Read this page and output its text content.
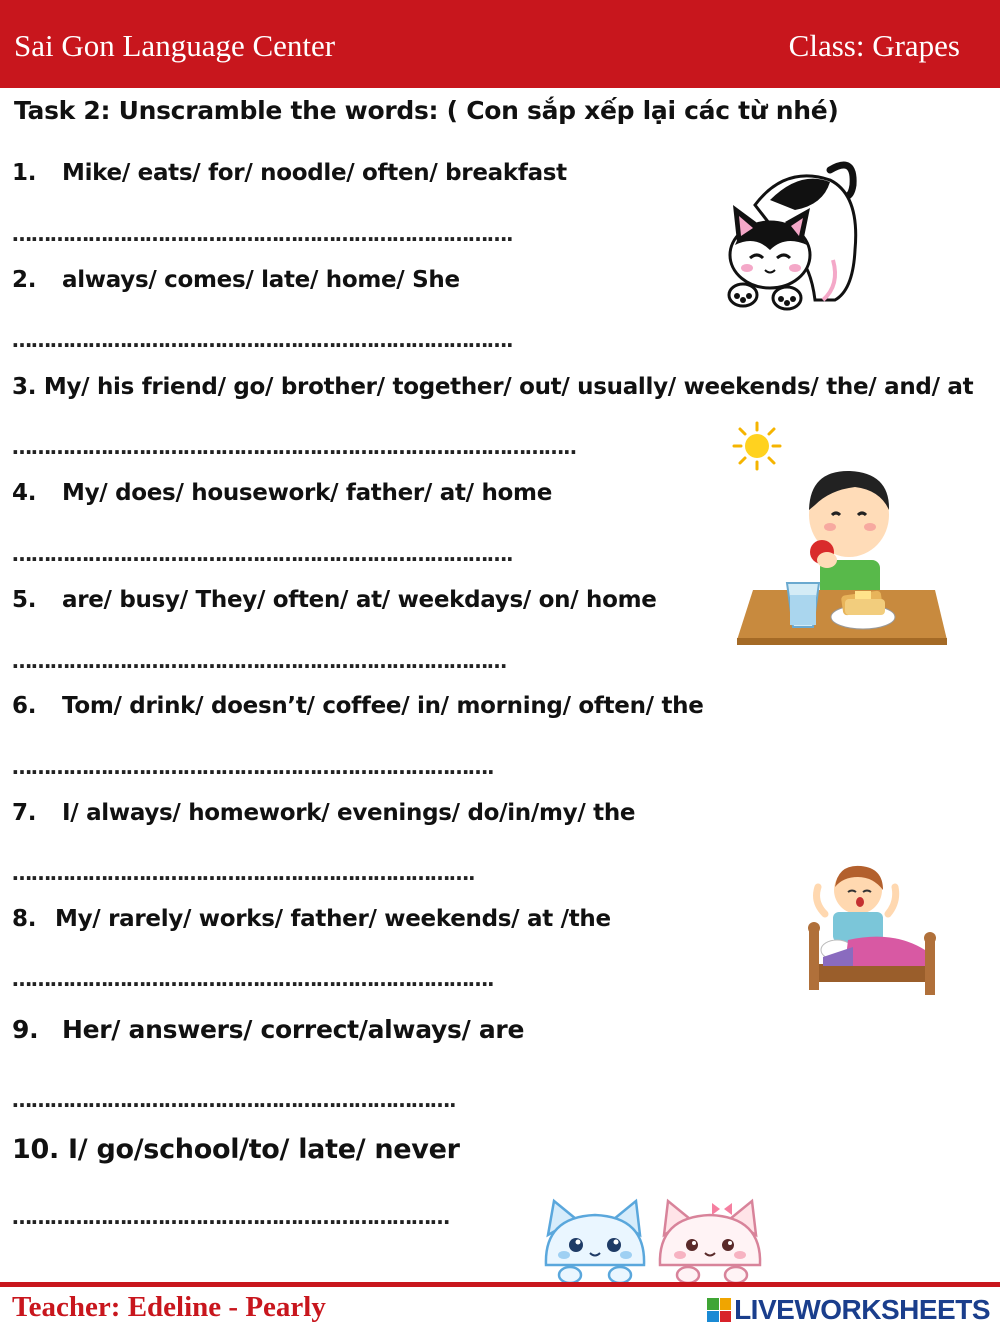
Sai Gon Language Center	Class: Grapes
Task 2: Unscramble the words: ( Con sắp xếp lại các từ nhé)
1. Mike/ eats/ for/ noodle/ often/ breakfast
…………………………………………………………………….
2. always/ comes/ late/ home/ She
…………………………………………………………………….
3. My/ his friend/ go/ brother/ together/ out/ usually/ weekends/ the/ and/ at
……………………………………………………………………………..
4. My/ does/ housework/ father/ at/ home
…………………………………………………………………….
5. are/ busy/ They/ often/ at/ weekdays/ on/ home
……………………………………………………………………
6. Tom/ drink/ doesn’t/ coffee/ in/ morning/ often/ the
………………………………………………………………….
7. I/ always/ homework/ evenings/ do/in/my/ the
……………………………………………………………….
8. My/ rarely/ works/ father/ weekends/ at /the
………………………………………………………………….
9. Her/ answers/ correct/always/ are
…………………………………………………………….
10. I/ go/school/to/ late/ never
……………………………………………………………
Teacher: Edeline - Pearly	LIVEWORKSHEETS
